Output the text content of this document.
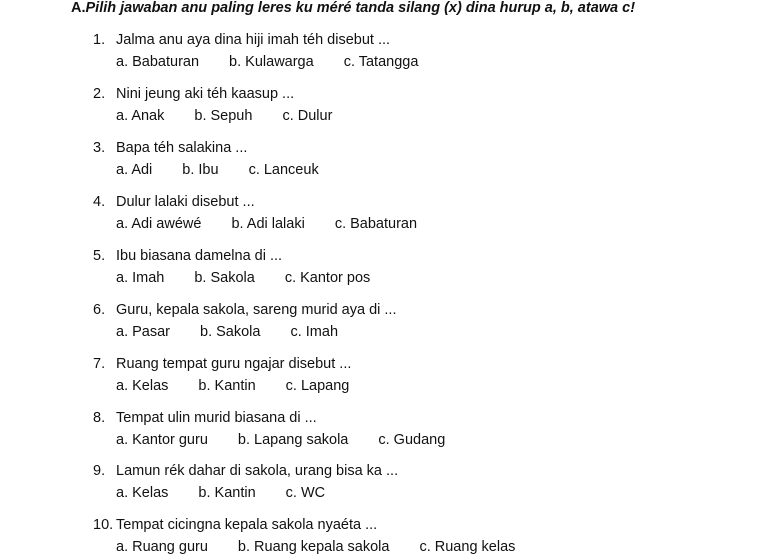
A.Pilih jawaban anu paling leres ku méré tanda silang (x) dina hurup a, b, atawa c!
1. Jalma anu aya dina hiji imah téh disebut ...
a. Babaturan b. Kulawarga c. Tatangga
2. Nini jeung aki téh kaasup ...
a. Anak b. Sepuh c. Dulur
3. Bapa téh salakina ...
a. Adi b. Ibu c. Lanceuk
4. Dulur lalaki disebut ...
a. Adi awéwé b. Adi lalaki c. Babaturan
5. Ibu biasana damelna di ...
a. Imah b. Sakola c. Kantor pos
6. Guru, kepala sakola, sareng murid aya di ...
a. Pasar b. Sakola c. Imah
7. Ruang tempat guru ngajar disebut ...
a. Kelas b. Kantin c. Lapang
8. Tempat ulin murid biasana di ...
a. Kantor guru b. Lapang sakola c. Gudang
9. Lamun rék dahar di sakola, urang bisa ka ...
a. Kelas b. Kantin c. WC
10. Tempat cicingna kepala sakola nyaéta ...
a. Ruang guru b. Ruang kepala sakola c. Ruang kelas
